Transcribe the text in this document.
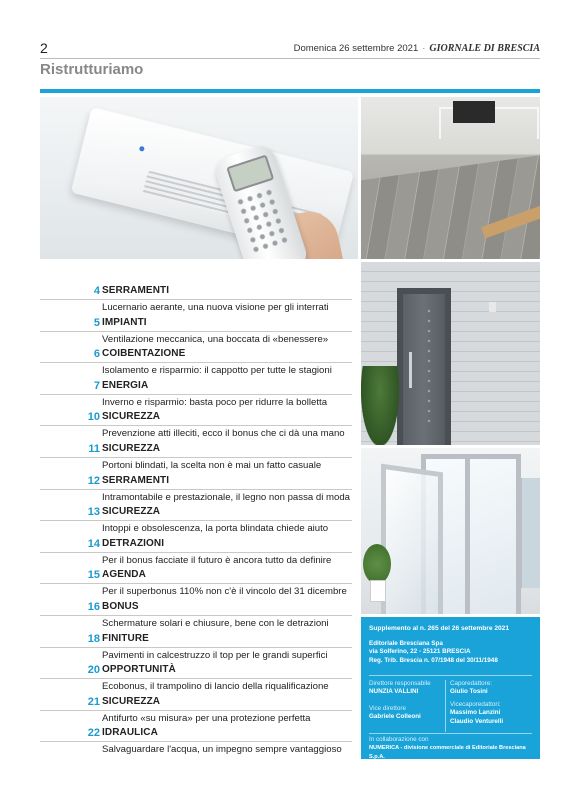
2	Domenica 26 settembre 2021 · GIORNALE DI BRESCIA
Ristrutturiamo
4 SERRAMENTI
Lucernario aerante, una nuova visione per gli interrati
5 IMPIANTI
Ventilazione meccanica, una boccata di «benessere»
6 COIBENTAZIONE
Isolamento e risparmio: il cappotto per tutte le stagioni
7 ENERGIA
Inverno e risparmio: basta poco per ridurre la bolletta
10 SICUREZZA
Prevenzione atti illeciti, ecco il bonus che ci dà una mano
11 SICUREZZA
Portoni blindati, la scelta non è mai un fatto casuale
12 SERRAMENTI
Intramontabile e prestazionale, il legno non passa di moda
13 SICUREZZA
Intoppi e obsolescenza, la porta blindata chiede aiuto
14 DETRAZIONI
Per il bonus facciate il futuro è ancora tutto da definire
15 AGENDA
Per il superbonus 110% non c'è il vincolo del 31 dicembre
16 BONUS
Schermature solari e chiusure, bene con le detrazioni
18 FINITURE
Pavimenti in calcestruzzo il top per le grandi superfici
20 OPPORTUNITÀ
Ecobonus, il trampolino di lancio della riqualificazione
21 SICUREZZA
Antifurto «su misura» per una protezione perfetta
22 IDRAULICA
Salvaguardare l'acqua, un impegno sempre vantaggioso
Supplemento al n. 265 del 26 settembre 2021
Editoriale Bresciana Spa
via Solferino, 22 - 25121 BRESCIA
Reg. Trib. Brescia n. 07/1948 del 30/11/1948
Direttore responsabile
NUNZIA VALLINI
Vice direttore
Gabriele Colleoni
Caporedattore:
Giulio Tosini
Vicecaporedattori:
Massimo Lanzini
Claudio Venturelli
In collaborazione con
NUMERICA - divisione commerciale di Editoriale Bresciana S.p.A.
